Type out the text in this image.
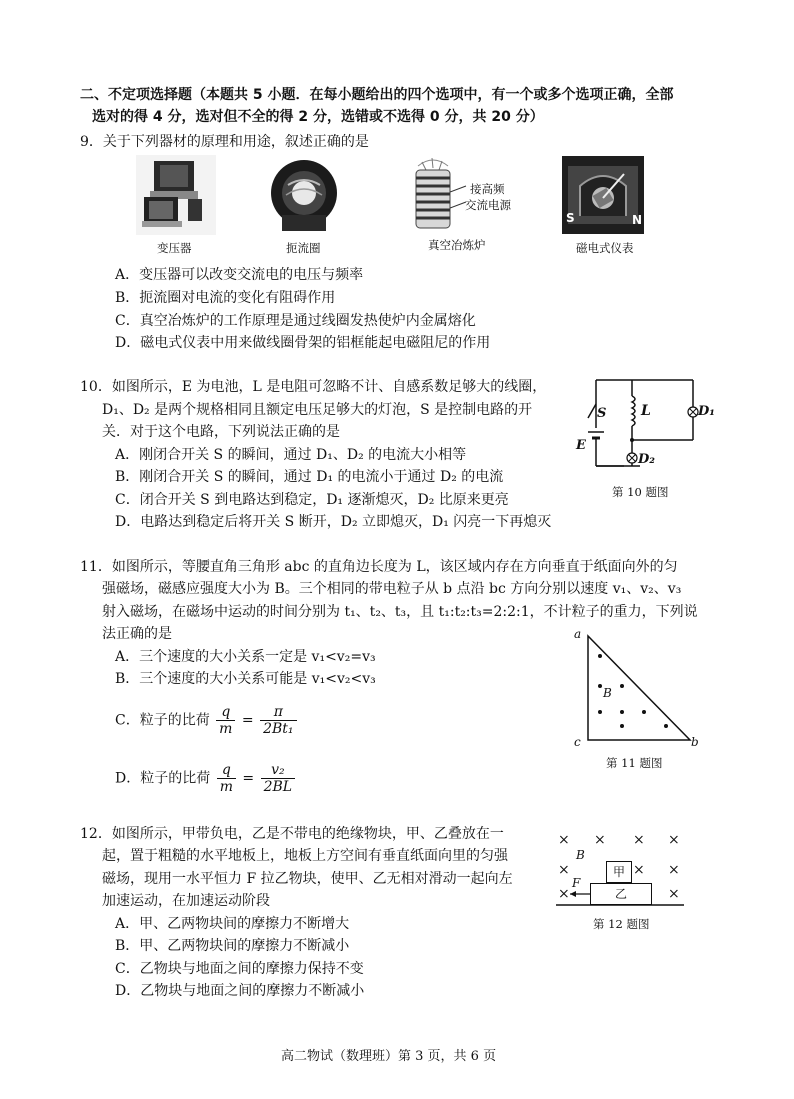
二、不定项选择题（本题共 5 小题．在每小题给出的四个选项中，有一个或多个选项正确，全部
选对的得 4 分，选对但不全的得 2 分，选错或不选得 0 分，共 20 分）
9．关于下列器材的原理和用途，叙述正确的是
变压器	扼流圈
接高频
交流电源
真空冶炼炉
S	N
磁电式仪表
A．变压器可以改变交流电的电压与频率
B．扼流圈对电流的变化有阻碍作用
C．真空冶炼炉的工作原理是通过线圈发热使炉内金属熔化
D．磁电式仪表中用来做线圈骨架的铝框能起电磁阻尼的作用
10．如图所示，E 为电池，L 是电阻可忽略不计、自感系数足够大的线圈，
D₁、D₂ 是两个规格相同且额定电压足够大的灯泡，S 是控制电路的开
关．对于这个电路，下列说法正确的是
A．刚闭合开关 S 的瞬间，通过 D₁、D₂ 的电流大小相等
B．刚闭合开关 S 的瞬间，通过 D₁ 的电流小于通过 D₂ 的电流
C．闭合开关 S 到电路达到稳定，D₁ 逐渐熄灭，D₂ 比原来更亮
D．电路达到稳定后将开关 S 断开，D₂ 立即熄灭，D₁ 闪亮一下再熄灭
S L	D₁
E
D₂
第 10 题图
11．如图所示，等腰直角三角形 abc 的直角边长度为 L，该区域内存在方向垂直于纸面向外的匀
强磁场，磁感应强度大小为 B。三个相同的带电粒子从 b 点沿 bc 方向分别以速度 v₁、v₂、v₃
射入磁场，在磁场中运动的时间分别为 t₁、t₂、t₃，且 t₁:t₂:t₃=2:2:1，不计粒子的重力，下列说
法正确的是
A．三个速度的大小关系一定是 v₁<v₂=v₃
B．三个速度的大小关系可能是 v₁<v₂<v₃
C．粒子的比荷 $\frac{q}{m} = \frac{\pi}{\text{2Bt₁}}$
D．粒子的比荷 $\frac{q}{m} = \frac{\text{v₂}}{2BL}$
a
c	b
B
第 11 题图
12．如图所示，甲带负电，乙是不带电的绝缘物块，甲、乙叠放在一
起，置于粗糙的水平地板上，地板上方空间有垂直纸面向里的匀强
磁场，现用一水平恒力 F 拉乙物块，使甲、乙无相对滑动一起向左
加速运动，在加速运动阶段
A．甲、乙两物块间的摩擦力不断增大
B．甲、乙两物块间的摩擦力不断减小
C．乙物块与地面之间的摩擦力保持不变
D．乙物块与地面之间的摩擦力不断减小
× × × ×
B
×	× ×
甲
F
×
×	乙
第 12 题图
高二物试（数理班）第 3 页，共 6 页
